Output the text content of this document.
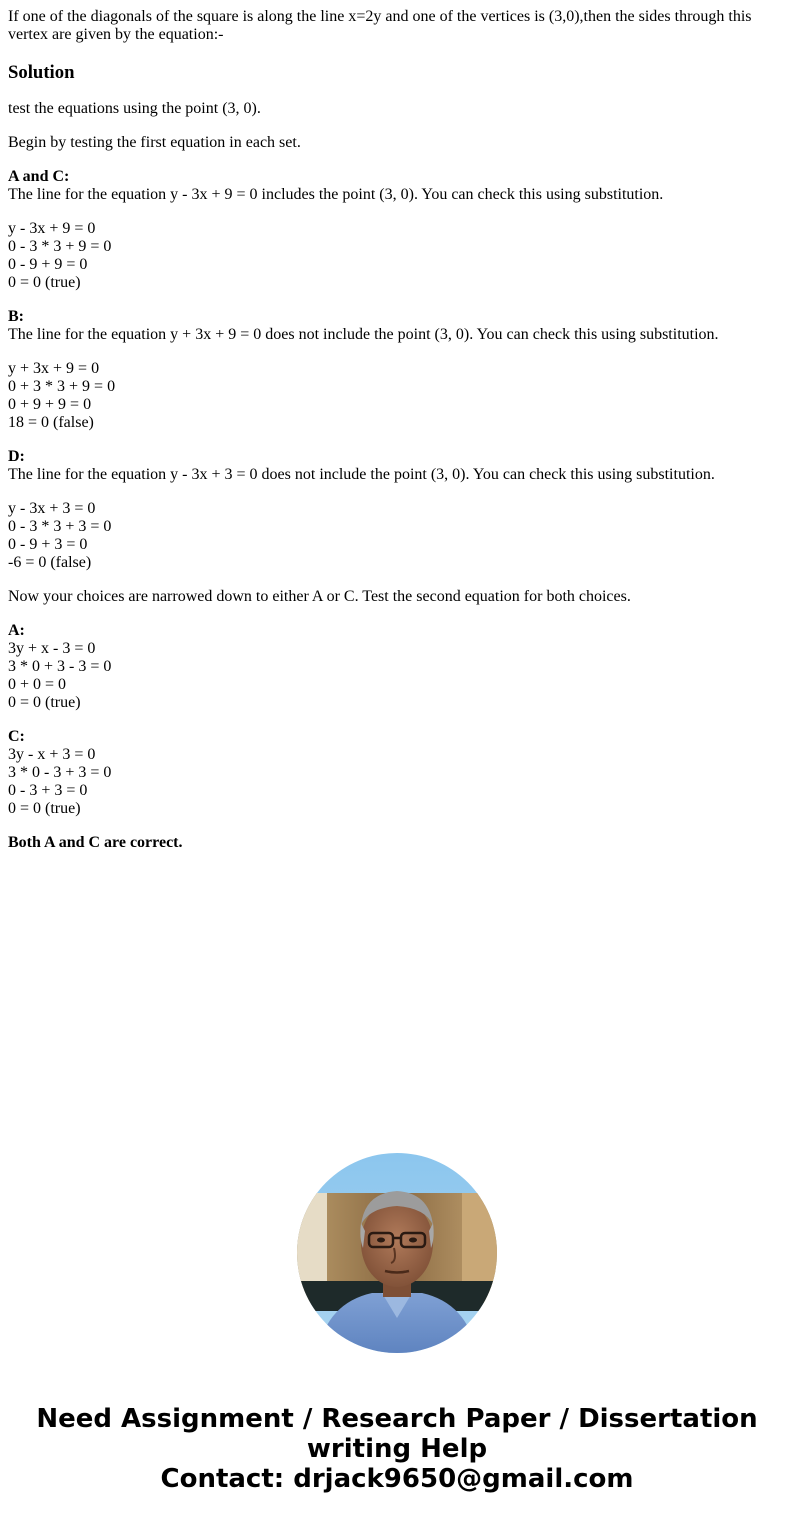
If one of the diagonals of the square is along the line x=2y and one of the vertices is (3,0),then the sides through this vertex are given by the equation:-
Solution

test the equations using the point (3, 0).

Begin by testing the first equation in each set.

A and C:
The line for the equation y - 3x + 9 = 0 includes the point (3, 0). You can check this using substitution.

y - 3x + 9 = 0
0 - 3 * 3 + 9 = 0
0 - 9 + 9 = 0
0 = 0 (true)

B:
The line for the equation y + 3x + 9 = 0 does not include the point (3, 0). You can check this using substitution.

y + 3x + 9 = 0
0 + 3 * 3 + 9 = 0
0 + 9 + 9 = 0
18 = 0 (false)

D:
The line for the equation y - 3x + 3 = 0 does not include the point (3, 0). You can check this using substitution.

y - 3x + 3 = 0
0 - 3 * 3 + 3 = 0
0 - 9 + 3 = 0
-6 = 0 (false)

Now your choices are narrowed down to either A or C. Test the second equation for both choices.

A:
3y + x - 3 = 0
3 * 0 + 3 - 3 = 0
0 + 0 = 0
0 = 0 (true)
C:
3y - x + 3 = 0
3 * 0 - 3 + 3 = 0
0 - 3 + 3 = 0
0 = 0 (true)

Both A and C are correct.

Need Assignment / Research Paper / Dissertation
writing Help
Contact: drjack9650@gmail.com
